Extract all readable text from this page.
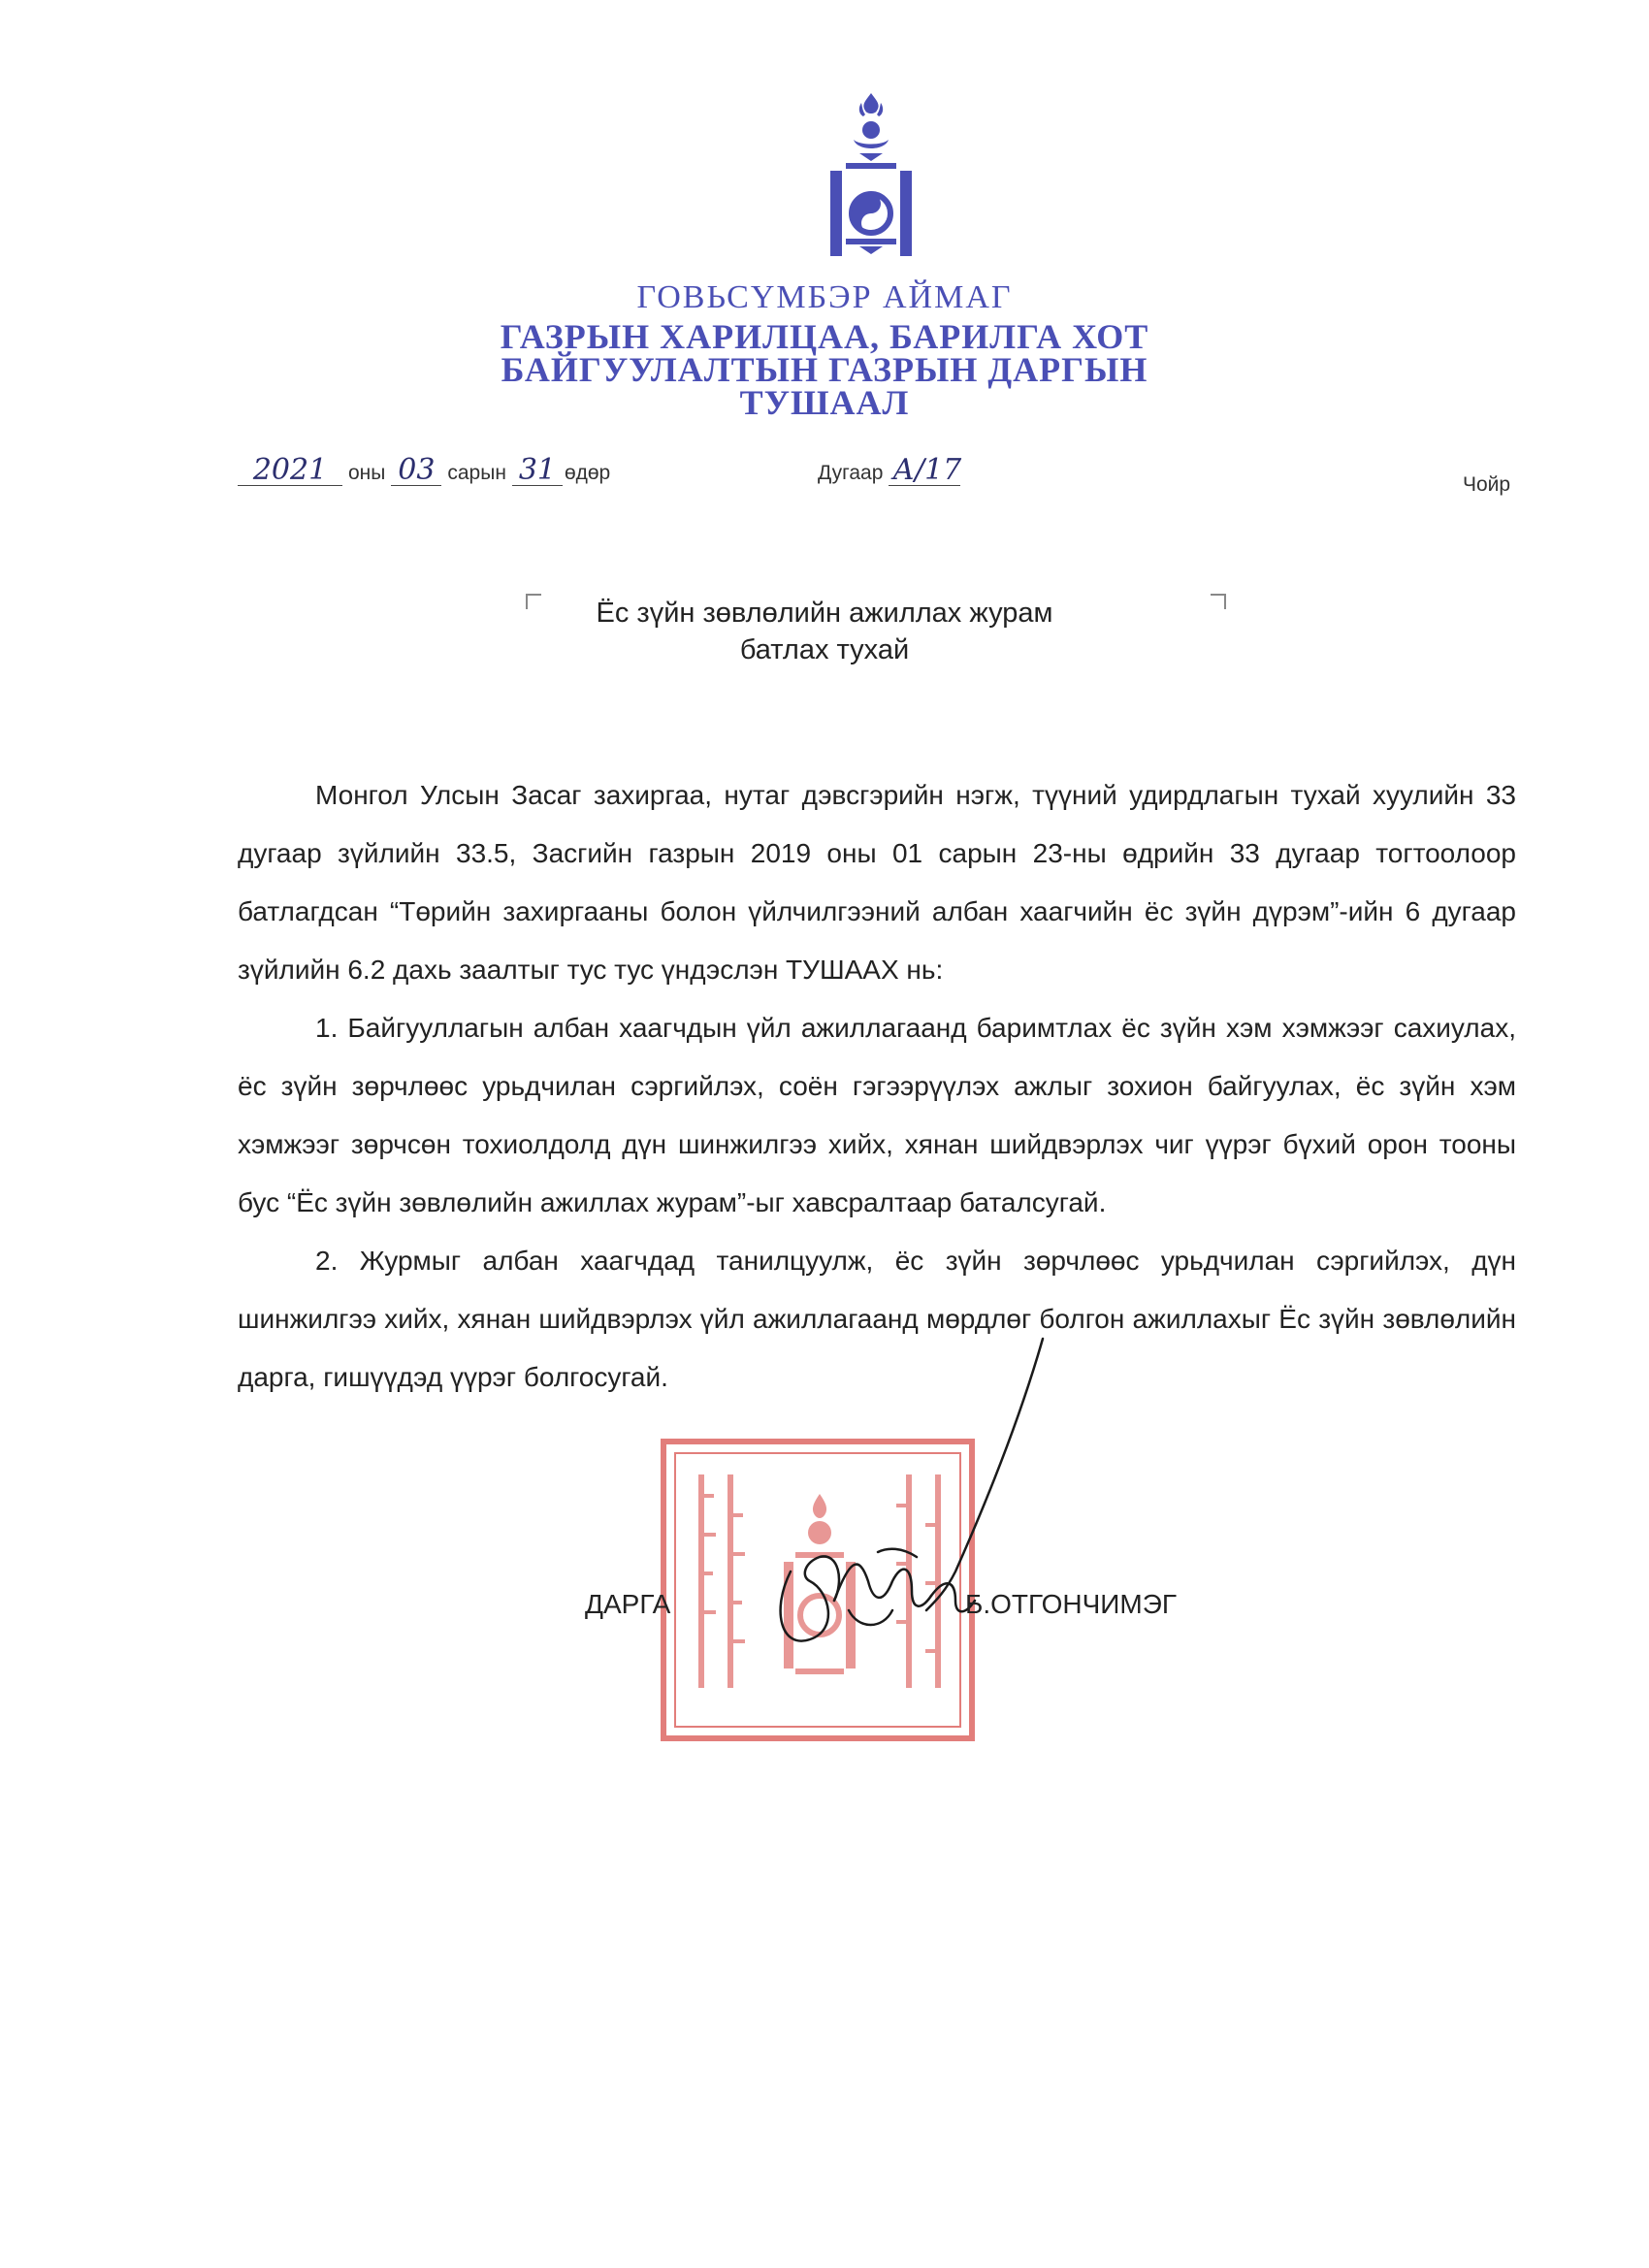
ГОВЬСҮМБЭР АЙМАГ
ГАЗРЫН ХАРИЛЦАА, БАРИЛГА ХОТ
БАЙГУУЛАЛТЫН ГАЗРЫН ДАРГЫН
ТУШААЛ
2021 оны 03 сарын 31 өдөр	Дугаар А/17	Чойр
Ёс зүйн зөвлөлийн ажиллах журам
батлах тухай

Монгол Улсын Засаг захиргаа, нутаг дэвсгэрийн нэгж, түүний удирдлагын тухай хуулийн 33 дугаар зүйлийн 33.5, Засгийн газрын 2019 оны 01 сарын 23-ны өдрийн 33 дугаар тогтоолоор батлагдсан “Төрийн захиргааны болон үйлчилгээний албан хаагчийн ёс зүйн дүрэм”-ийн 6 дугаар зүйлийн 6.2 дахь заалтыг тус тус үндэслэн ТУШААХ нь:

1. Байгууллагын албан хаагчдын үйл ажиллагаанд баримтлах ёс зүйн хэм хэмжээг сахиулах, ёс зүйн зөрчлөөс урьдчилан сэргийлэх, соён гэгээрүүлэх ажлыг зохион байгуулах, ёс зүйн хэм хэмжээг зөрчсөн тохиолдолд дүн шинжилгээ хийх, хянан шийдвэрлэх чиг үүрэг бүхий орон тооны бус “Ёс зүйн зөвлөлийн ажиллах журам”-ыг хавсралтаар баталсугай.

2. Журмыг албан хаагчдад танилцуулж, ёс зүйн зөрчлөөс урьдчилан сэргийлэх, дүн шинжилгээ хийх, хянан шийдвэрлэх үйл ажиллагаанд мөрдлөг болгон ажиллахыг Ёс зүйн зөвлөлийн дарга, гишүүдэд үүрэг болгосугай.

ДАРГА	Б.ОТГОНЧИМЭГ
